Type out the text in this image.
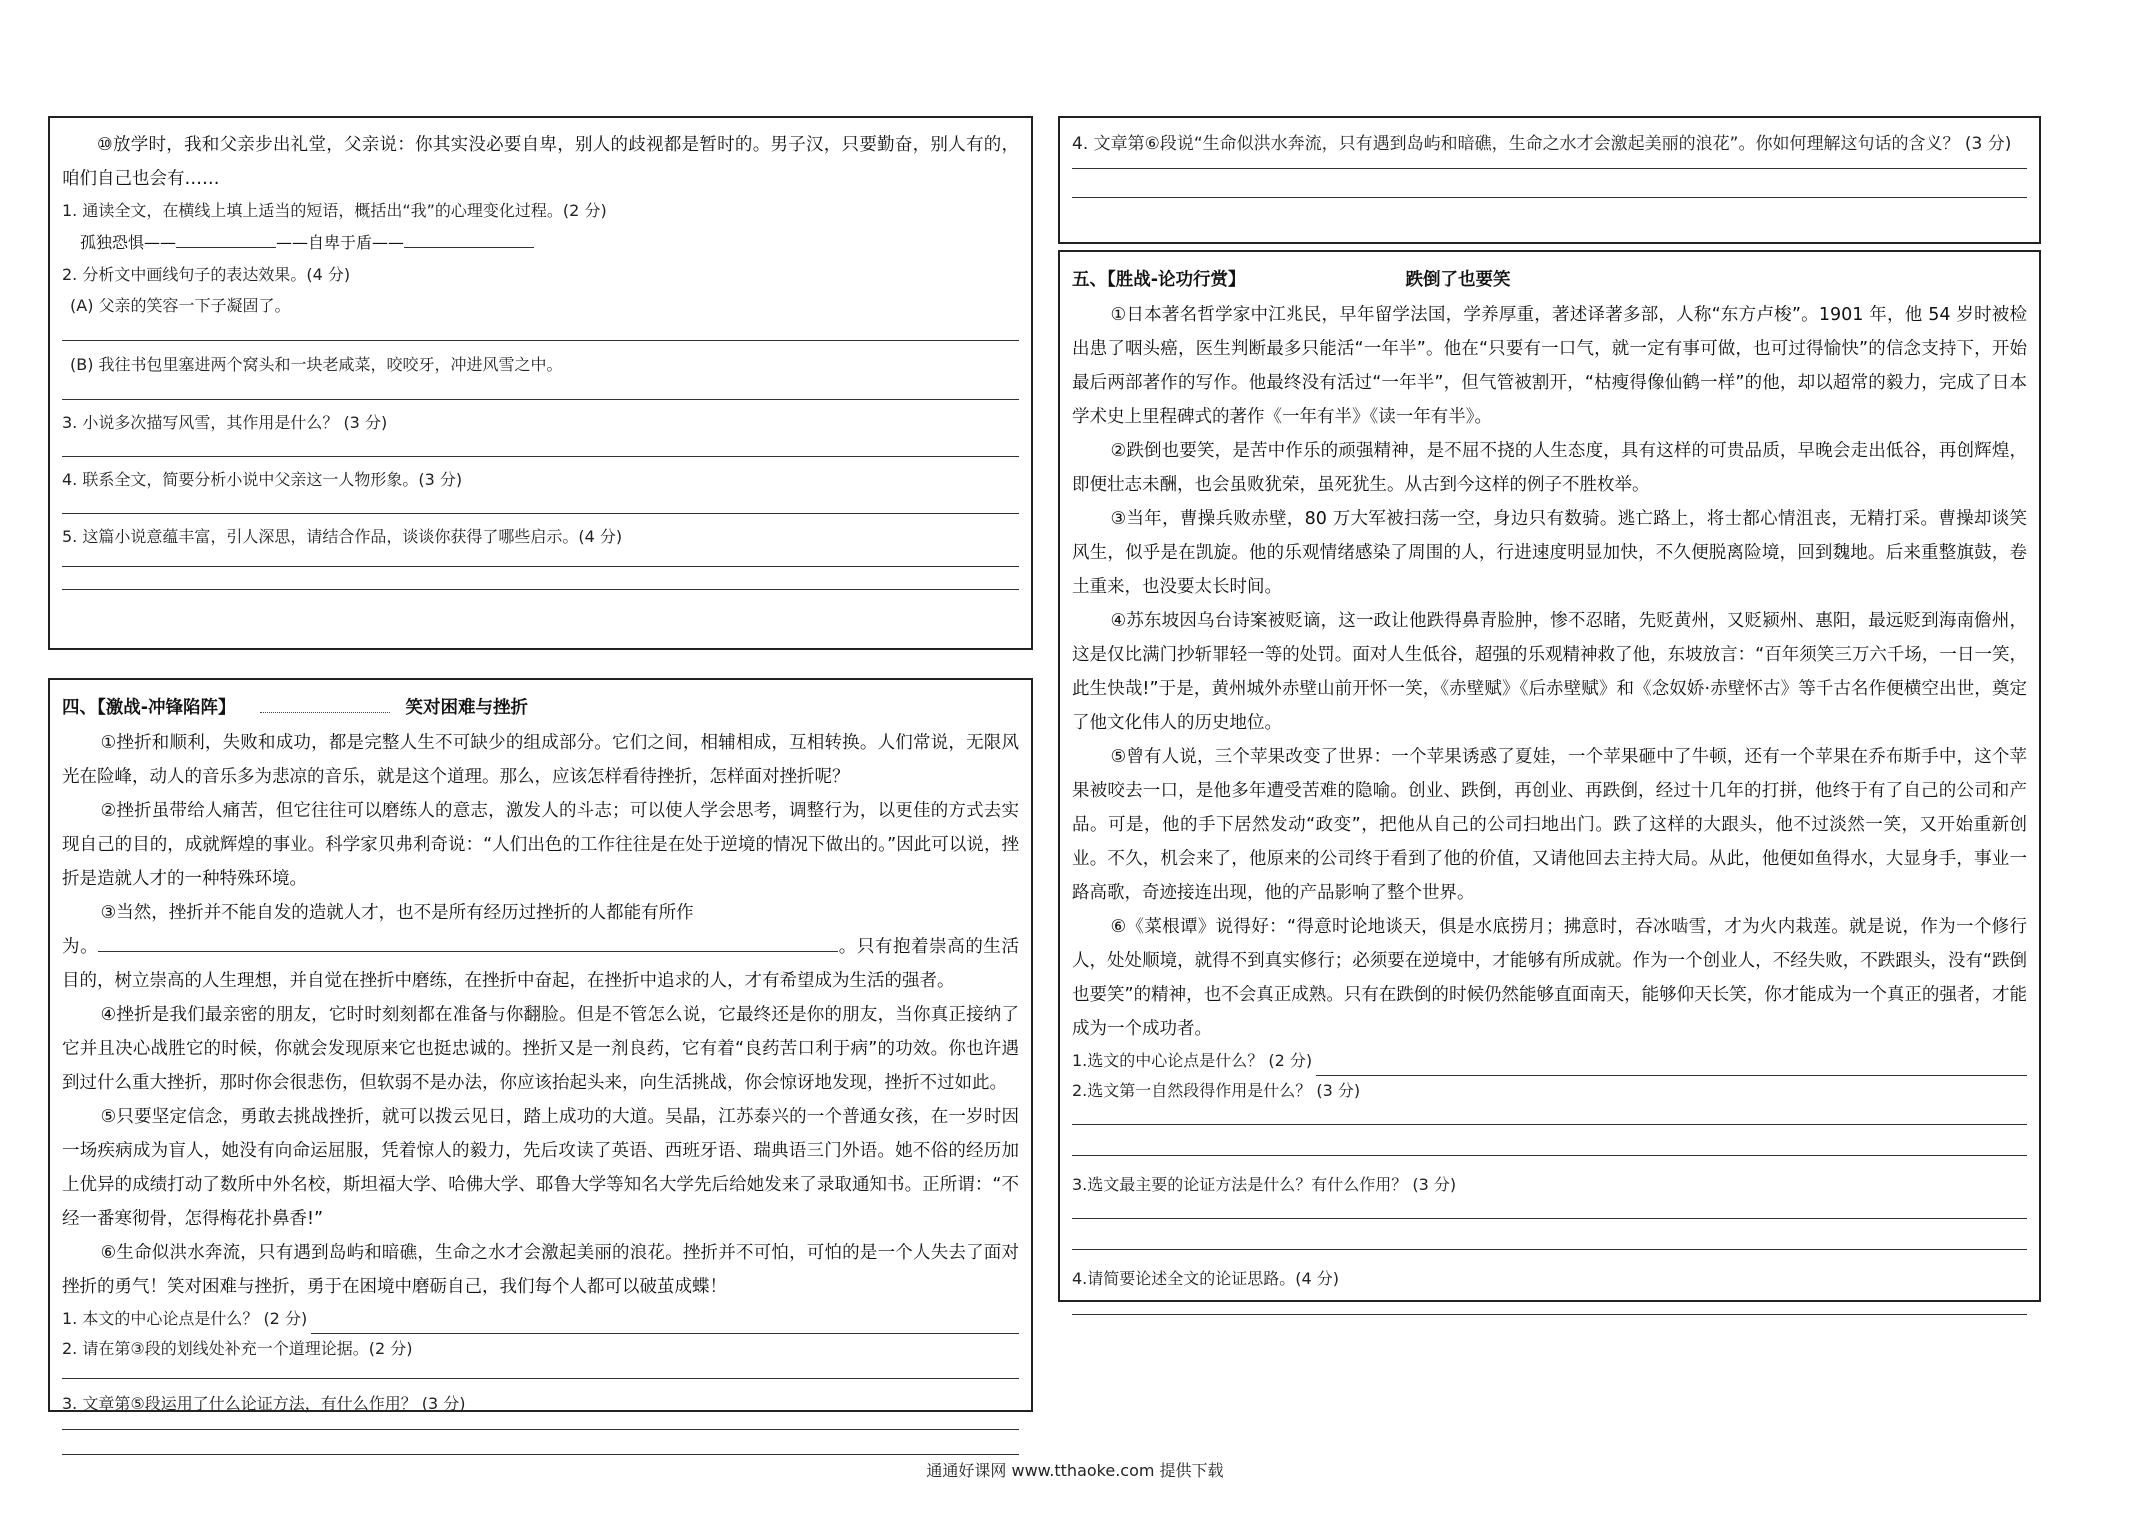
⑩放学时，我和父亲步出礼堂，父亲说：你其实没必要自卑，别人的歧视都是暂时的。男子汉，只要勤奋，别人有的，咱们自己也会有……

1. 通读全文，在横线上填上适当的短语，概括出“我”的心理变化过程。(2 分)

孤独恐惧——	——自卑于盾——

2. 分析文中画线句子的表达效果。(4 分)

(A) 父亲的笑容一下子凝固了。

(B) 我往书包里塞进两个窝头和一块老咸菜，咬咬牙，冲进风雪之中。

3. 小说多次描写风雪，其作用是什么？ (3 分)

4. 联系全文，简要分析小说中父亲这一人物形象。(3 分)

5. 这篇小说意蕴丰富，引人深思，请结合作品，谈谈你获得了哪些启示。(4 分)

四、【激战-冲锋陷阵】	笑对困难与挫折

①挫折和顺利，失败和成功，都是完整人生不可缺少的组成部分。它们之间，相辅相成，互相转换。人们常说，无限风光在险峰，动人的音乐多为悲凉的音乐，就是这个道理。那么，应该怎样看待挫折，怎样面对挫折呢？

②挫折虽带给人痛苦，但它往往可以磨练人的意志，激发人的斗志；可以使人学会思考，调整行为，以更佳的方式去实现自己的目的，成就辉煌的事业。科学家贝弗利奇说：“人们出色的工作往往是在处于逆境的情况下做出的。”因此可以说，挫折是造就人才的一种特殊环境。

③当然，挫折并不能自发的造就人才，也不是所有经历过挫折的人都能有所作

为。	。只有抱着崇高的生活目的，树立崇高的人生理想，并自觉在挫折中磨练，在挫折中奋起，在挫折中追求的人，才有希望成为生活的强者。

④挫折是我们最亲密的朋友，它时时刻刻都在准备与你翻脸。但是不管怎么说，它最终还是你的朋友，当你真正接纳了它并且决心战胜它的时候，你就会发现原来它也挺忠诚的。挫折又是一剂良药，它有着“良药苦口利于病”的功效。你也许遇到过什么重大挫折，那时你会很悲伤，但软弱不是办法，你应该抬起头来，向生活挑战，你会惊讶地发现，挫折不过如此。

⑤只要坚定信念，勇敢去挑战挫折，就可以拨云见日，踏上成功的大道。吴晶，江苏泰兴的一个普通女孩，在一岁时因一场疾病成为盲人，她没有向命运屈服，凭着惊人的毅力，先后攻读了英语、西班牙语、瑞典语三门外语。她不俗的经历加上优异的成绩打动了数所中外名校，斯坦福大学、哈佛大学、耶鲁大学等知名大学先后给她发来了录取通知书。正所谓：“不经一番寒彻骨，怎得梅花扑鼻香!”

⑥生命似洪水奔流，只有遇到岛屿和暗礁，生命之水才会激起美丽的浪花。挫折并不可怕，可怕的是一个人失去了面对挫折的勇气！笑对困难与挫折，勇于在困境中磨砺自己，我们每个人都可以破茧成蝶！

1. 本文的中心论点是什么？ (2 分)

2. 请在第③段的划线处补充一个道理论据。(2 分)

3. 文章第⑤段运用了什么论证方法，有什么作用？ (3 分)

4. 文章第⑥段说“生命似洪水奔流，只有遇到岛屿和暗礁，生命之水才会激起美丽的浪花”。你如何理解这句话的含义？ (3 分)

五、【胜战-论功行赏】	跌倒了也要笑

①日本著名哲学家中江兆民，早年留学法国，学养厚重，著述译著多部，人称“东方卢梭”。1901 年，他 54 岁时被检出患了咽头癌，医生判断最多只能活“一年半”。他在“只要有一口气，就一定有事可做，也可过得愉快”的信念支持下，开始最后两部著作的写作。他最终没有活过“一年半”，但气管被割开，“枯瘦得像仙鹤一样”的他，却以超常的毅力，完成了日本学术史上里程碑式的著作《一年有半》《读一年有半》。

②跌倒也要笑，是苦中作乐的顽强精神，是不屈不挠的人生态度，具有这样的可贵品质，早晚会走出低谷，再创辉煌，即便壮志未酬，也会虽败犹荣，虽死犹生。从古到今这样的例子不胜枚举。

③当年，曹操兵败赤壁，80 万大军被扫荡一空，身边只有数骑。逃亡路上，将士都心情沮丧，无精打采。曹操却谈笑风生，似乎是在凯旋。他的乐观情绪感染了周围的人，行进速度明显加快，不久便脱离险境，回到魏地。后来重整旗鼓，卷土重来，也没要太长时间。

④苏东坡因乌台诗案被贬谪，这一政让他跌得鼻青脸肿，惨不忍睹，先贬黄州，又贬颍州、惠阳，最远贬到海南儋州，这是仅比满门抄斩罪轻一等的处罚。面对人生低谷，超强的乐观精神救了他，东坡放言：“百年须笑三万六千场，一日一笑，此生快哉!”于是，黄州城外赤壁山前开怀一笑，《赤壁赋》《后赤壁赋》和《念奴娇·赤壁怀古》等千古名作便横空出世，奠定了他文化伟人的历史地位。

⑤曾有人说，三个苹果改变了世界：一个苹果诱惑了夏娃，一个苹果砸中了牛顿，还有一个苹果在乔布斯手中，这个苹果被咬去一口，是他多年遭受苦难的隐喻。创业、跌倒，再创业、再跌倒，经过十几年的打拼，他终于有了自己的公司和产品。可是，他的手下居然发动“政变”，把他从自己的公司扫地出门。跌了这样的大跟头，他不过淡然一笑，又开始重新创业。不久，机会来了，他原来的公司终于看到了他的价值，又请他回去主持大局。从此，他便如鱼得水，大显身手，事业一路高歌，奇迹接连出现，他的产品影响了整个世界。

⑥《菜根谭》说得好：“得意时论地谈天，俱是水底捞月；拂意时，吞冰啮雪，才为火内栽莲。就是说，作为一个修行人，处处顺境，就得不到真实修行；必须要在逆境中，才能够有所成就。作为一个创业人，不经失败，不跌跟头，没有“跌倒也要笑”的精神，也不会真正成熟。只有在跌倒的时候仍然能够直面南天，能够仰天长笑，你才能成为一个真正的强者，才能成为一个成功者。

1.选文的中心论点是什么？ (2 分)

2.选文第一自然段得作用是什么？ (3 分)

3.选文最主要的论证方法是什么？有什么作用？ (3 分)

4.请简要论述全文的论证思路。(4 分)

通通好课网 www.tthaoke.com 提供下载
